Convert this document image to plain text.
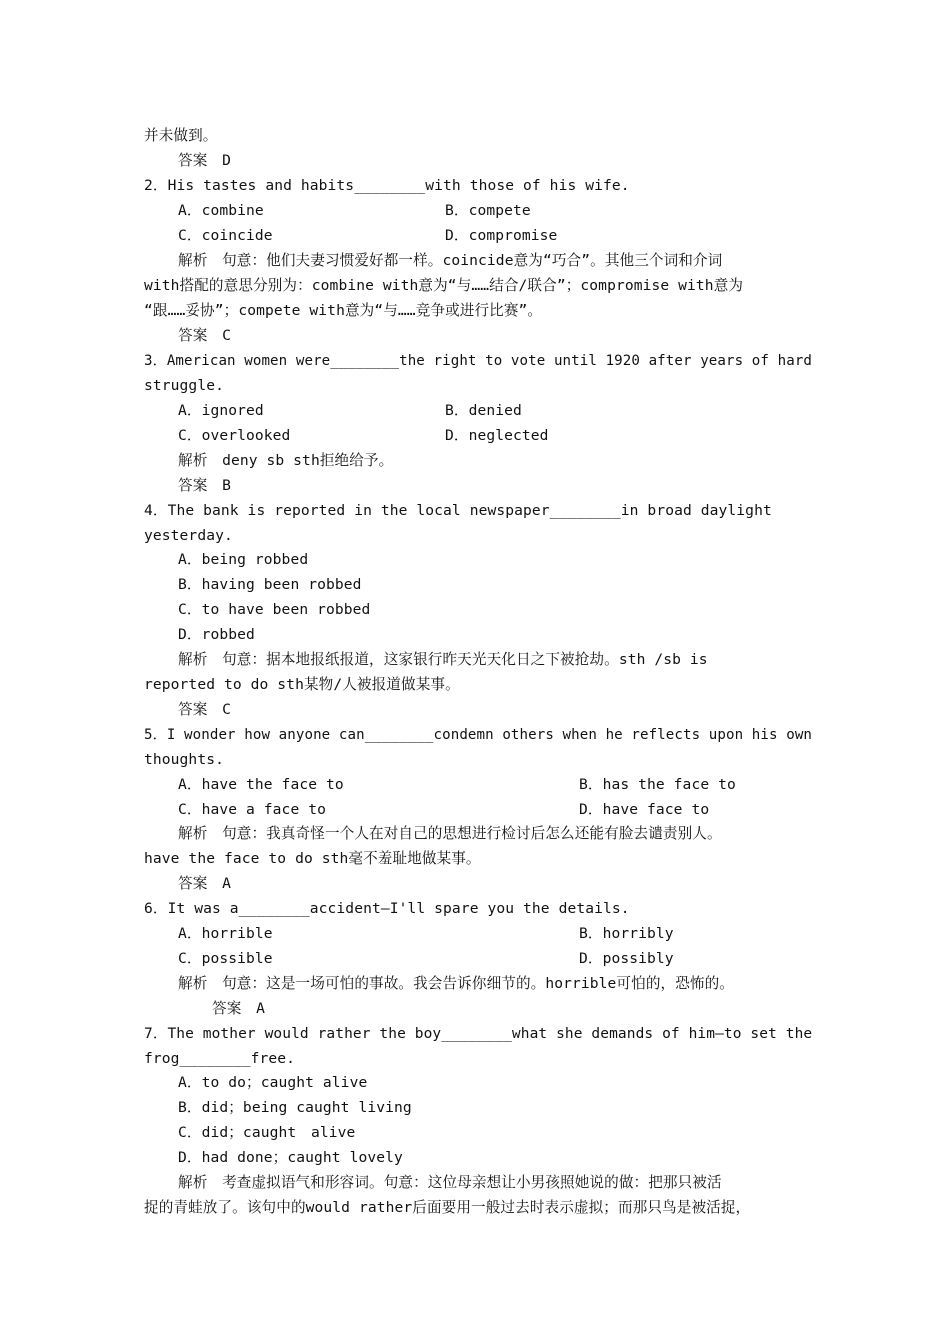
并未做到。
答案　D
2．His tastes and habits________with those of his wife.
A．combine	B．compete
C．coincide	D．compromise
解析　句意：他们夫妻习惯爱好都一样。coincide意为“巧合”。其他三个词和介词
with搭配的意思分别为：combine with意为“与……结合/联合”；compromise with意为
“跟……妥协”；compete with意为“与……竞争或进行比赛”。
答案　C
3．American women were________the right to vote until 1920 after years of hard
struggle.
A．ignored	B．denied
C．overlooked	D．neglected
解析　deny sb sth拒绝给予。
答案　B
4．The bank is reported in the local newspaper________in broad daylight
yesterday.
A．being robbed
B．having been robbed
C．to have been robbed
D．robbed
解析　句意：据本地报纸报道，这家银行昨天光天化日之下被抢劫。sth /sb is
reported to do sth某物/人被报道做某事。
答案　C
5．I wonder how anyone can________condemn others when he reflects upon his own
thoughts.
A．have the face to	B．has the face to
C．have a face to	D．have face to
解析　句意：我真奇怪一个人在对自己的思想进行检讨后怎么还能有脸去谴责别人。
have the face to do sth毫不羞耻地做某事。
答案　A
6．It was a________accident—I'll spare you the details.
A．horrible	B．horribly
C．possible	D．possibly
解析　句意：这是一场可怕的事故。我会告诉你细节的。horrible可怕的，恐怖的。
答案　A
7．The mother would rather the boy________what she demands of him—to set the
frog________free.
A．to do；caught alive
B．did；being caught living
C．did；caught　alive
D．had done；caught lovely
解析　考查虚拟语气和形容词。句意：这位母亲想让小男孩照她说的做：把那只被活
捉的青蛙放了。该句中的would rather后面要用一般过去时表示虚拟；而那只鸟是被活捉，
